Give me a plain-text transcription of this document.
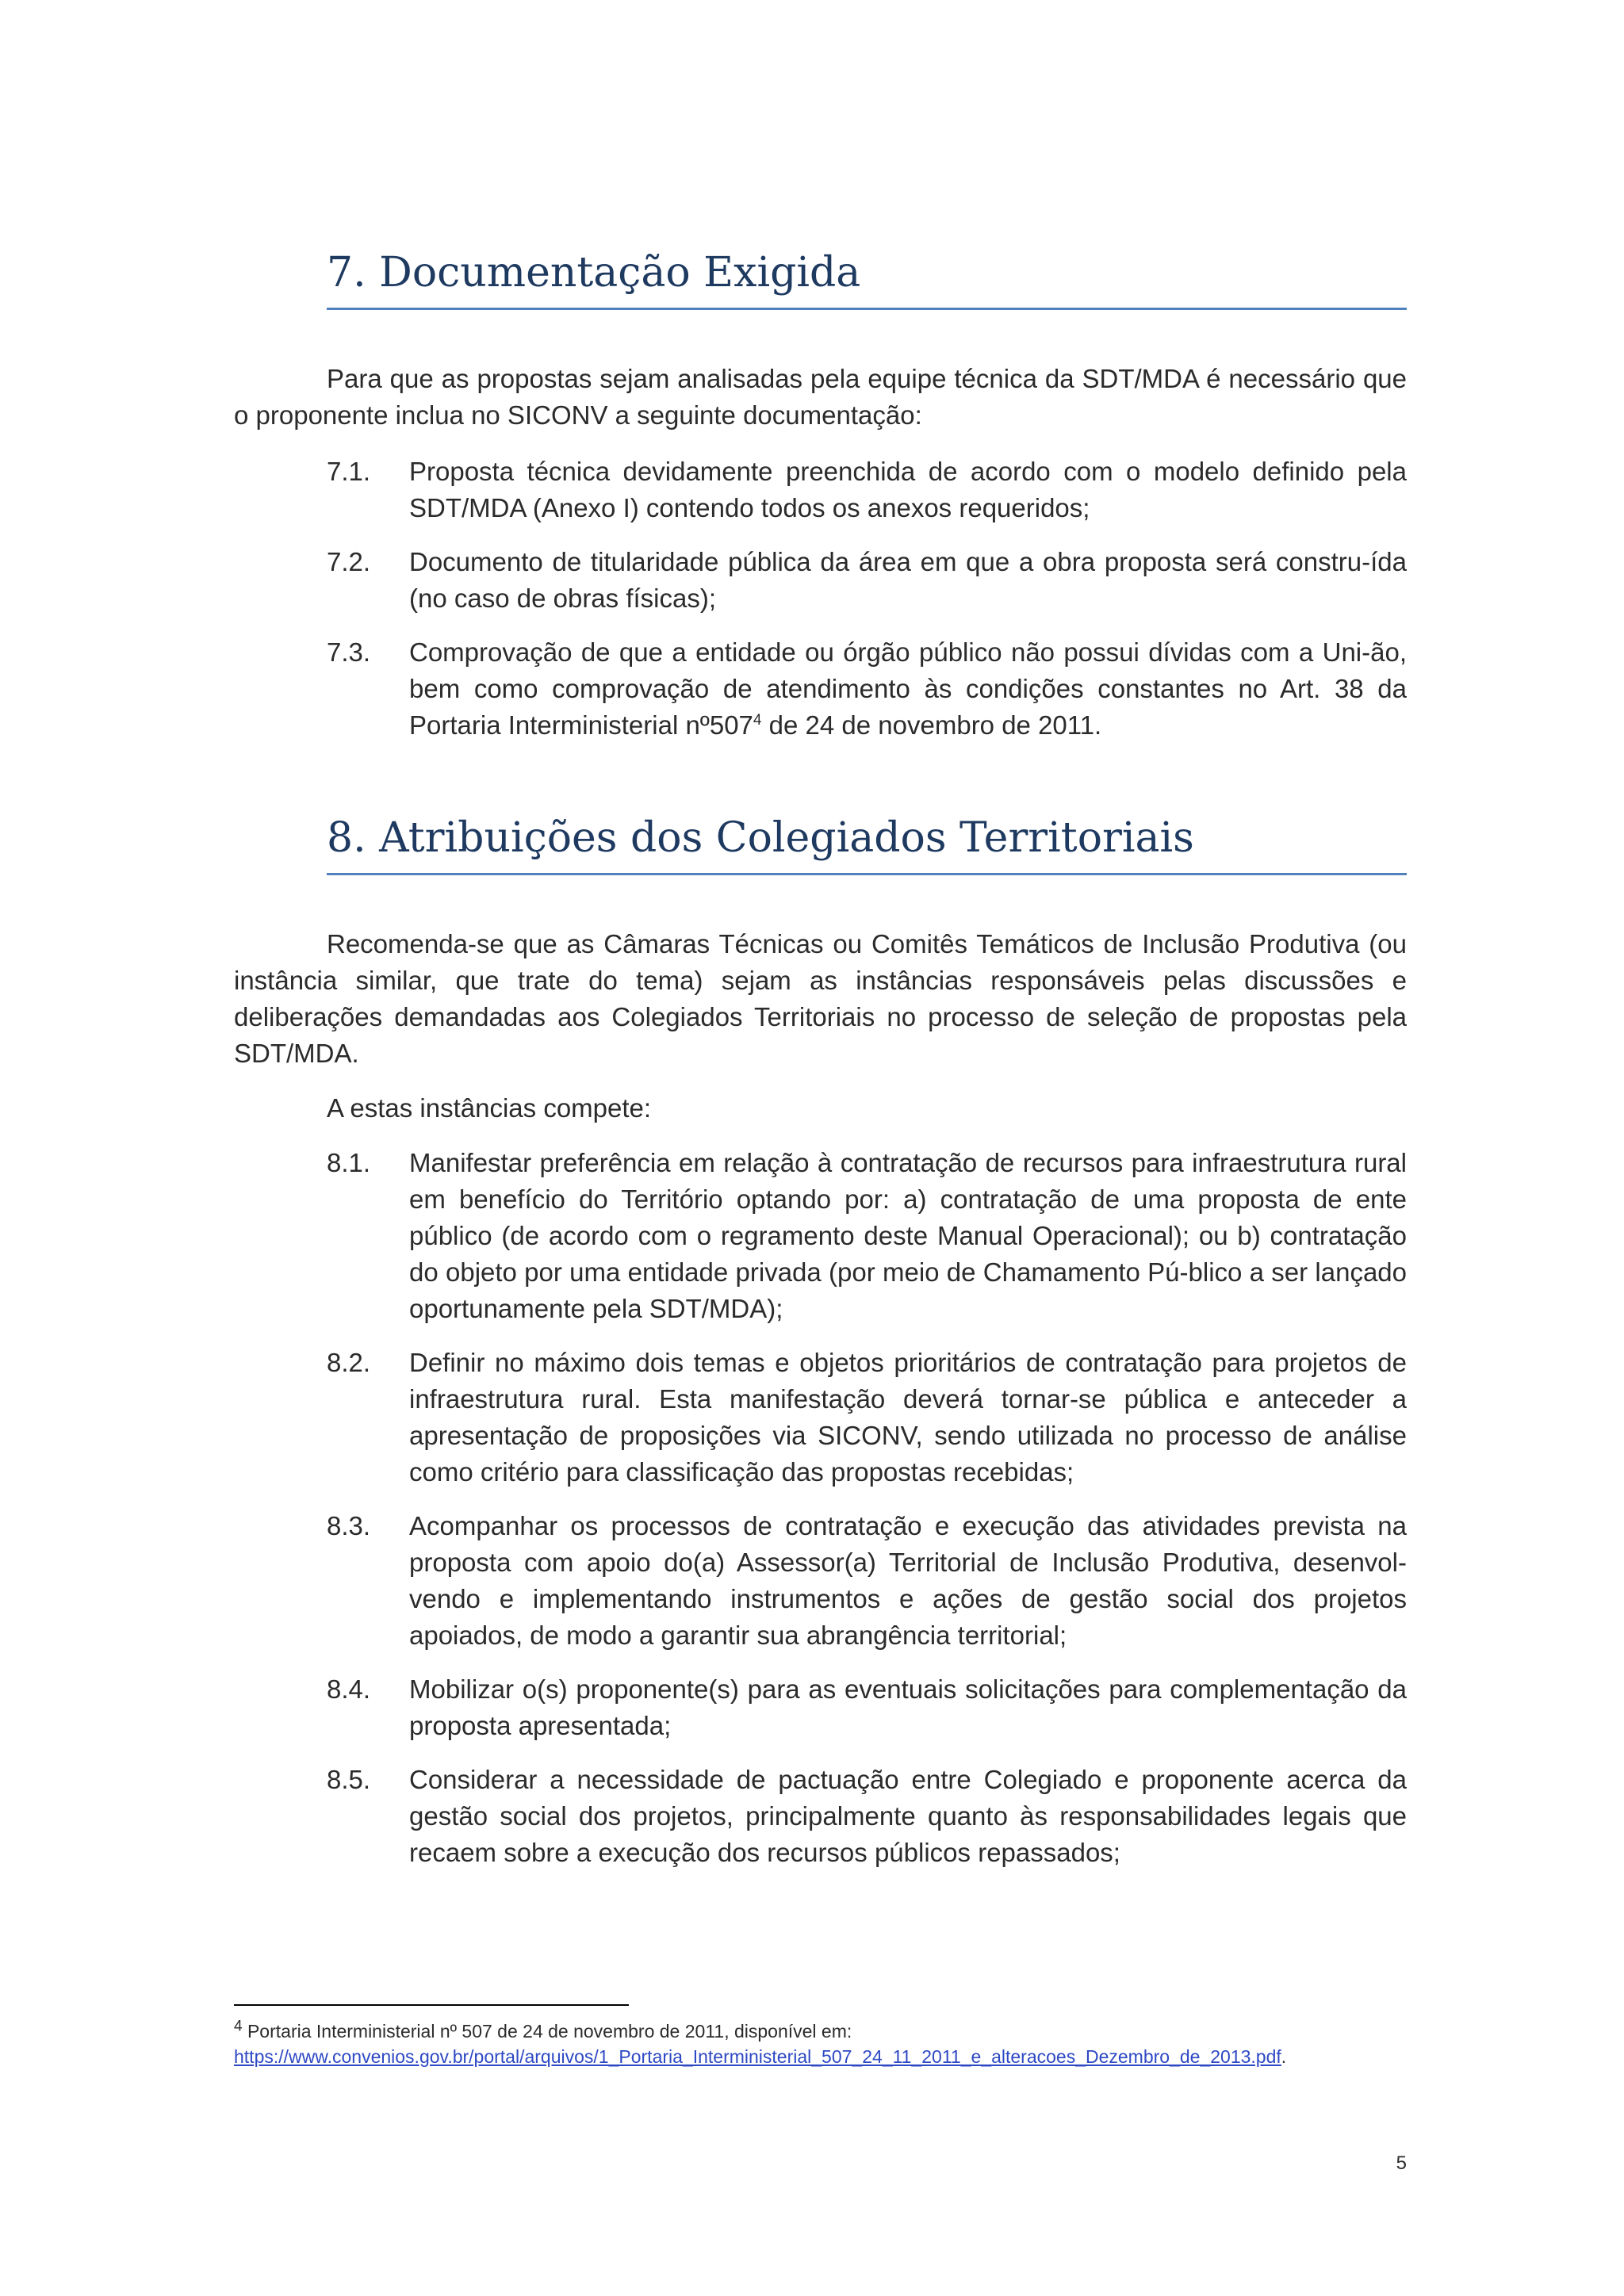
7. Documentação Exigida

Para que as propostas sejam analisadas pela equipe técnica da SDT/MDA é necessário que o proponente inclua no SICONV a seguinte documentação:

7.1.	Proposta técnica devidamente preenchida de acordo com o modelo definido pela SDT/MDA (Anexo I) contendo todos os anexos requeridos;
7.2.	Documento de titularidade pública da área em que a obra proposta será constru-ída (no caso de obras físicas);
7.3.	Comprovação de que a entidade ou órgão público não possui dívidas com a Uni-ão, bem como comprovação de atendimento às condições constantes no Art. 38 da Portaria Interministerial $nº507^4$ de 24 de novembro de 2011.
8. Atribuições dos Colegiados Territoriais

Recomenda-se que as Câmaras Técnicas ou Comitês Temáticos de Inclusão Produtiva (ou instância similar, que trate do tema) sejam as instâncias responsáveis pelas discussões e deliberações demandadas aos Colegiados Territoriais no processo de seleção de propostas pela SDT/MDA.

A estas instâncias compete:

8.1.	Manifestar preferência em relação à contratação de recursos para infraestrutura rural em benefício do Território optando por: a) contratação de uma proposta de ente público (de acordo com o regramento deste Manual Operacional); ou b) contratação do objeto por uma entidade privada (por meio de Chamamento Pú-blico a ser lançado oportunamente pela SDT/MDA);
8.2.	Definir no máximo dois temas e objetos prioritários de contratação para projetos de infraestrutura rural. Esta manifestação deverá tornar-se pública e anteceder a apresentação de proposições via SICONV, sendo utilizada no processo de análise como critério para classificação das propostas recebidas;
8.3.	Acompanhar os processos de contratação e execução das atividades prevista na proposta com apoio do(a) Assessor(a) Territorial de Inclusão Produtiva, desenvol-vendo e implementando instrumentos e ações de gestão social dos projetos apoiados, de modo a garantir sua abrangência territorial;
8.4.	Mobilizar o(s) proponente(s) para as eventuais solicitações para complementação da proposta apresentada;
8.5.	Considerar a necessidade de pactuação entre Colegiado e proponente acerca da gestão social dos projetos, principalmente quanto às responsabilidades legais que recaem sobre a execução dos recursos públicos repassados;

$^4$ Portaria Interministerial nº 507 de 24 de novembro de 2011, disponível em:
https://www.convenios.gov.br/portal/arquivos/1_Portaria_Interministerial_507_24_11_2011_e_alteracoes_Dezembro_de_2013.pdf.

5
